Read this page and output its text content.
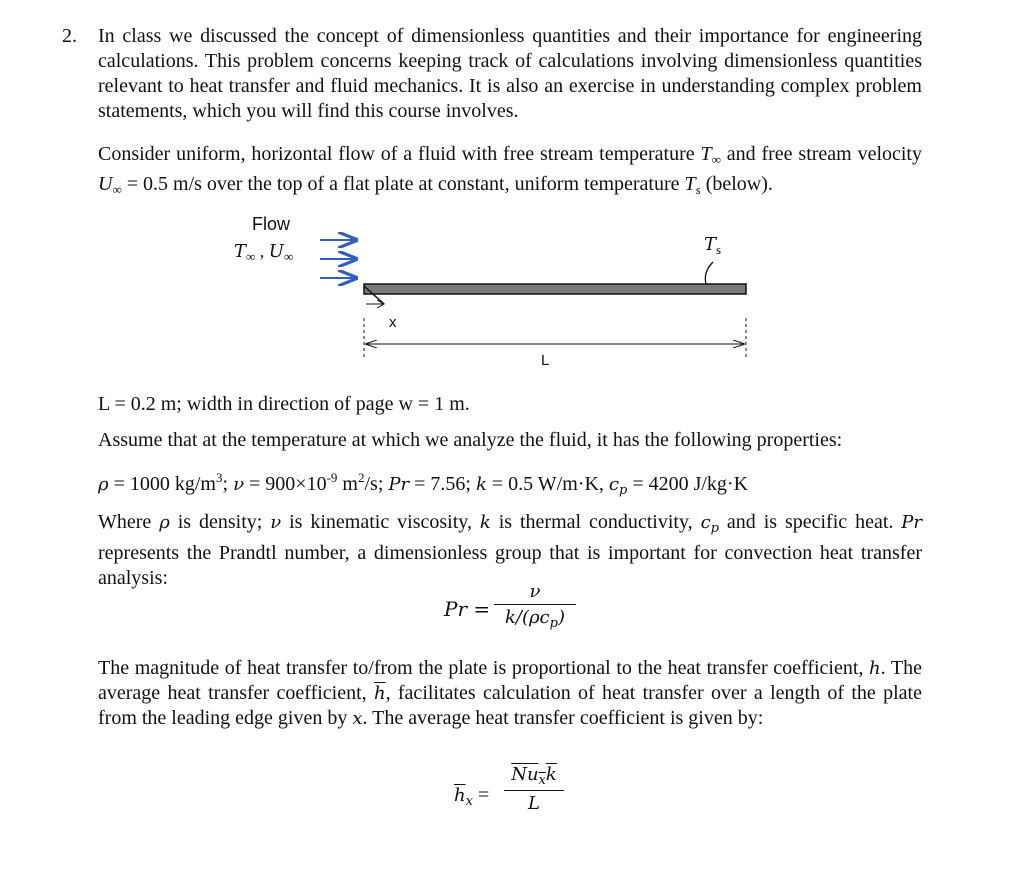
2. In class we discussed the concept of dimensionless quantities and their importance for engineering calculations. This problem concerns keeping track of calculations involving dimensionless quantities relevant to heat transfer and fluid mechanics. It is also an exercise in understanding complex problem statements, which you will find this course involves.
Consider uniform, horizontal flow of a fluid with free stream temperature $T_\infty$ and free stream velocity $U_\infty = 0.5$ m/s over the top of a flat plate at constant, uniform temperature $T_s$ (below).
Flow
$T_\infty$ , $U_\infty$
$T_s$
x
L
L = 0.2 m; width in direction of page w = 1 m.
Assume that at the temperature at which we analyze the fluid, it has the following properties:
ρ = 1000 $kg/m^3$; $\nu = 900\times 10^{-9}$ $m^2/s$; Pr = 7.56; k = 0.5 W/m·K, $c_p = 4200$ J/kg·K
Where ρ is density; ν is kinematic viscosity, k is thermal conductivity, $c_p$ and is specific heat. Pr represents the Prandtl number, a dimensionless group that is important for convection heat transfer analysis:
Pr =
ν
$k/(\rho c_p)$
The magnitude of heat transfer to/from the plate is proportional to the heat transfer coefficient, h. The average heat transfer coefficient, $\overline{h}$, facilitates calculation of heat transfer over a length of the plate from the leading edge given by x. The average heat transfer coefficient is given by:
$\overline{h}_x$ =
$Nu_xk$
L
